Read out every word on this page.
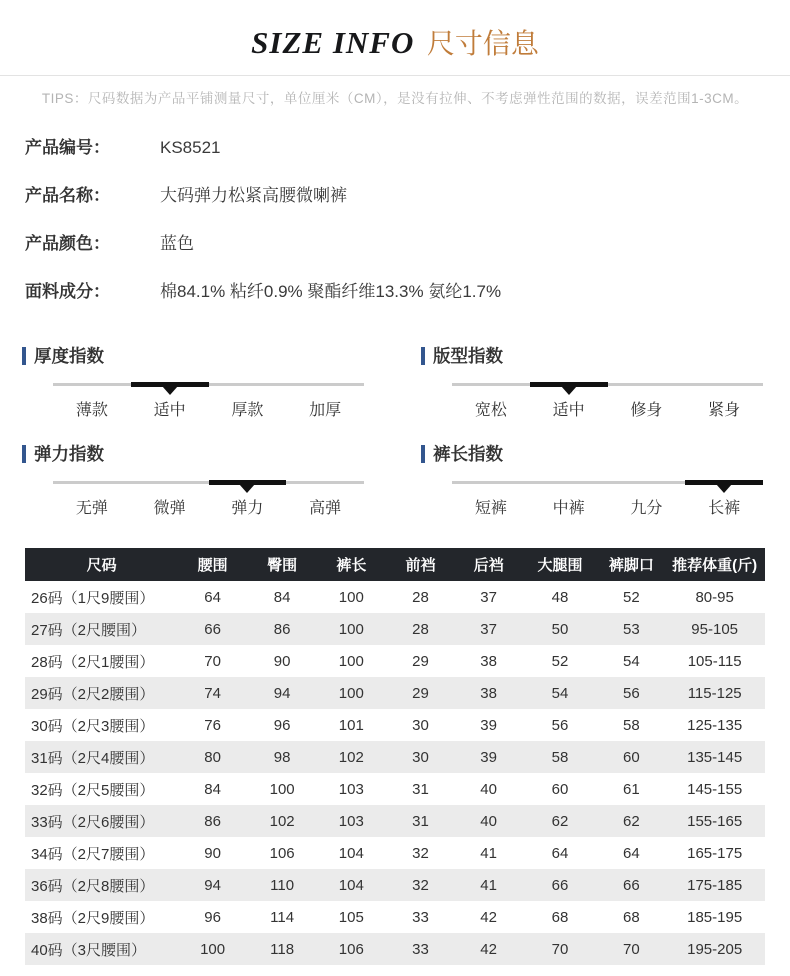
SIZE INFO 尺寸信息
TIPS：尺码数据为产品平铺测量尺寸，单位厘米（CM），是没有拉伸、不考虑弹性范围的数据，误差范围1-3CM。
产品编号：	KS8521
产品名称：	大码弹力松紧高腰微喇裤
产品颜色：	蓝色
面料成分：	棉84.1% 粘纤0.9% 聚酯纤维13.3% 氨纶1.7%
厚度指数
薄款	适中	厚款	加厚
版型指数
宽松	适中	修身	紧身
弹力指数
无弹	微弹	弹力	高弹
裤长指数
短裤	中裤	九分	长裤
尺码	腰围	臀围	裤长	前裆	后裆	大腿围	裤脚口	推荐体重(斤)
26码（1尺9腰围）	64	84	100	28	37	48	52	80-95
27码（2尺腰围）	66	86	100	28	37	50	53	95-105
28码（2尺1腰围）	70	90	100	29	38	52	54	105-115
29码（2尺2腰围）	74	94	100	29	38	54	56	115-125
30码（2尺3腰围）	76	96	101	30	39	56	58	125-135
31码（2尺4腰围）	80	98	102	30	39	58	60	135-145
32码（2尺5腰围）	84	100	103	31	40	60	61	145-155
33码（2尺6腰围）	86	102	103	31	40	62	62	155-165
34码（2尺7腰围）	90	106	104	32	41	64	64	165-175
36码（2尺8腰围）	94	110	104	32	41	66	66	175-185
38码（2尺9腰围）	96	114	105	33	42	68	68	185-195
40码（3尺腰围）	100	118	106	33	42	70	70	195-205
